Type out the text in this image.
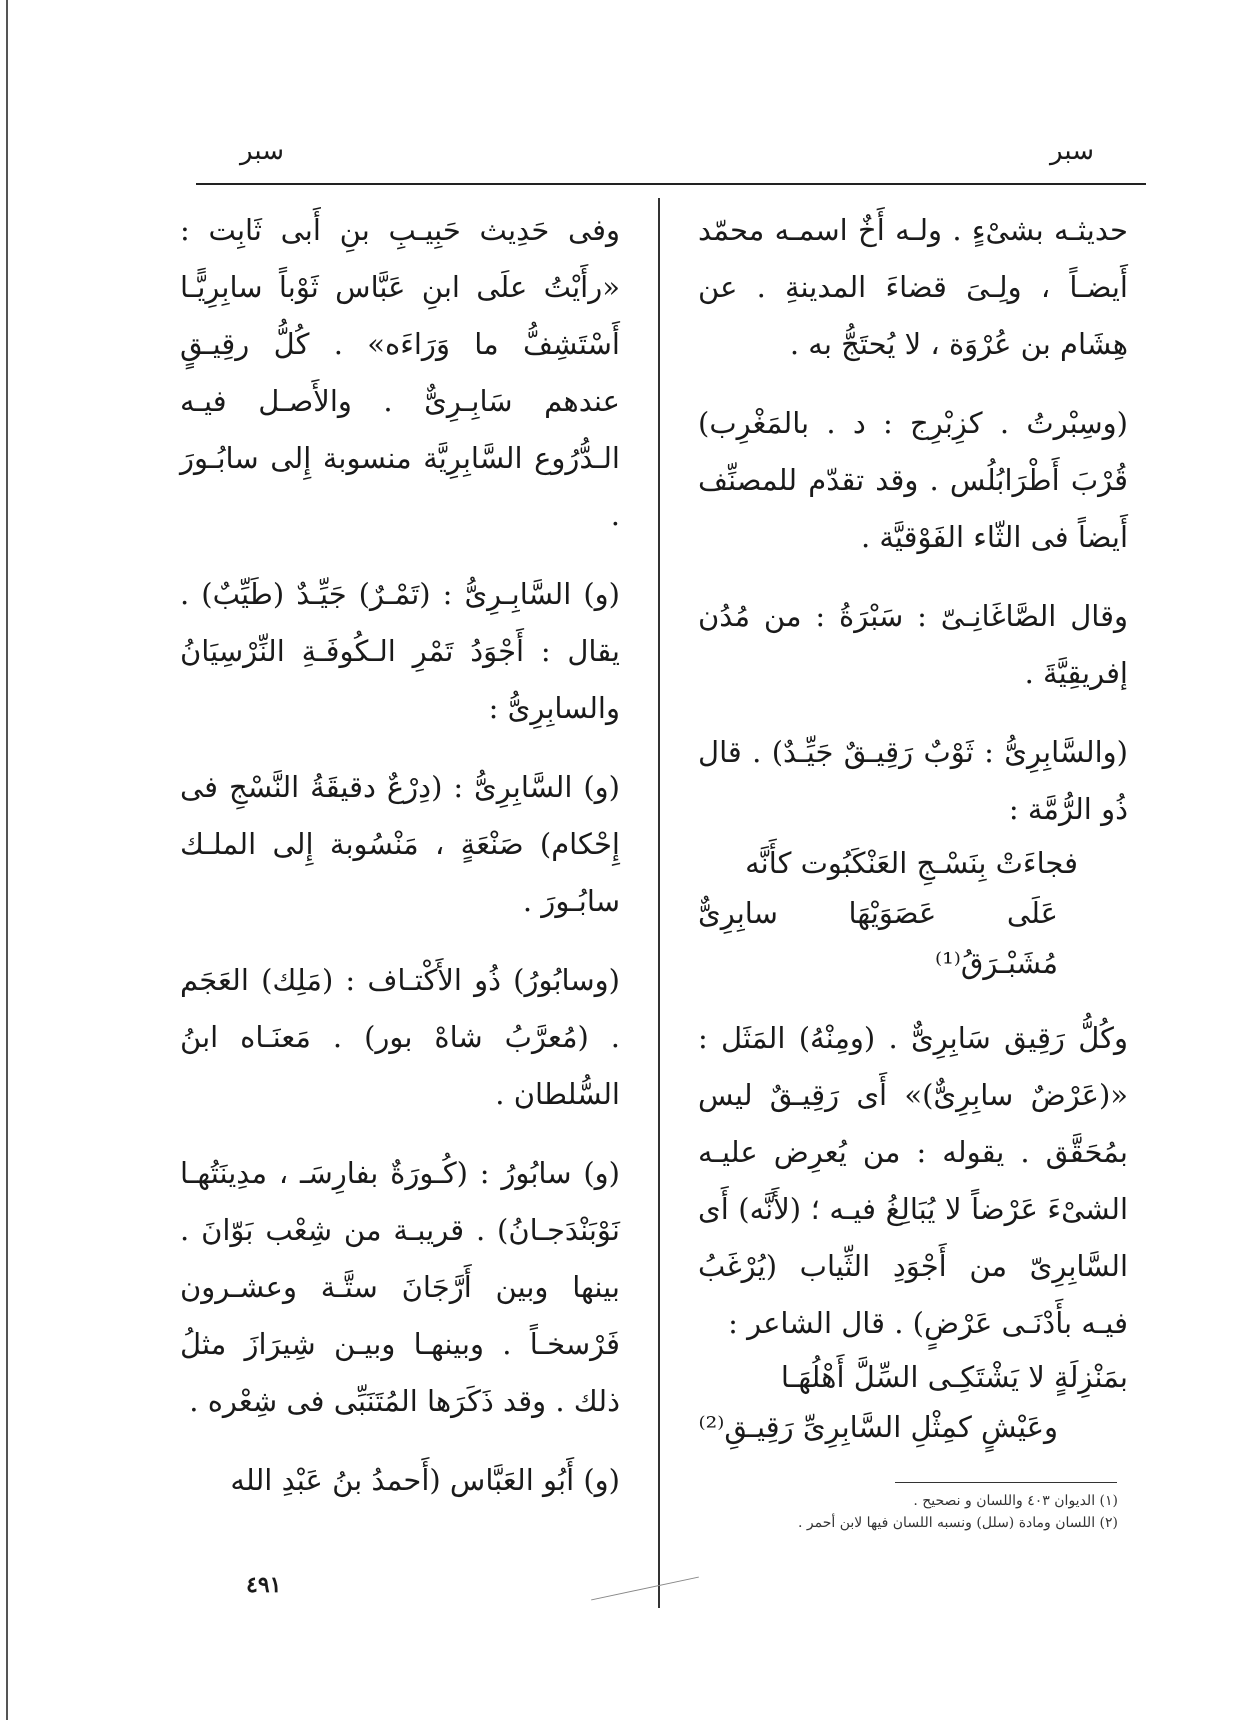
سبر	سبر

حديثـه بشىْءٍ . ولـه أَخٌ اسمـه محمّد أَيضـاً ، ولِـىَ قضاءَ المدينةِ . عن هِشَام بن عُرْوَة ، لا يُحتَجُّ به .

(وسِبْرتُ . كزِبْرِج : د . بالمَغْرِب) قُرْبَ أَطْرَابُلُس . وقد تقدّم للمصنِّف أَيضاً فى الثّاء الفَوْقيَّة .

وقال الصَّاغَانِـىّ : سَبْرَةُ : من مُدُن إفريقِيَّةَ .

(والسَّابِرِىُّ : ثَوْبٌ رَقِيـقٌ جَيِّـدٌ) . قال ذُو الرُّمَّة :

فجاءَتْ بِنَسْـجِ العَنْكَبُوت كأَنَّه

عَلَى عَصَوَيْهَا سابِرِىٌّ مُشَبْـرَقُ⁽¹⁾

وكُلُّ رَقِيق سَابِرِىٌّ . (ومِنْهُ) المَثَل : «(عَرْضٌ سابِرِىٌّ)» أَى رَقِيـقٌ ليس بمُحَقَّق . يقوله : من يُعرِض عليـه الشىْءَ عَرْضاً لا يُبَالِغُ فيـه ؛ (لأَنَّه) أَى السَّابِرِىّ من أَجْوَدِ الثِّياب (يُرْغَبُ فيـه بأَدْنَـى عَرْضٍ) . قال الشاعر :

بمَنْزِلَةٍ لا يَشْتَكِـى السِّلَّ أَهْلُهَـا

وعَيْشٍ كمِثْلِ السَّابِرِىِّ رَقِيـقِ⁽²⁾

وفى حَدِيث حَبِيـبِ بنِ أَبى ثَابِت : «رأَيْتُ علَى ابنِ عَبَّاس ثَوْباً سابِرِيًّـا أَسْتَشِفُّ ما وَرَاءَه» . كُلُّ رقِيـقٍ عندهم سَابِـرِىٌّ . والأَصـل فيـه الـدُّرُوع السَّابِرِيَّة منسوبة إِلى سابُـورَ .

(و) السَّابِـرِىُّ : (تَمْـرٌ) جَيِّـدٌ (طَيِّبٌ) . يقال : أَجْوَدُ تَمْرِ الـكُوفَـةِ النِّرْسِيَانُ والسابِرِىُّ :

(و) السَّابِرِىُّ : (دِرْعٌ دقيقَةُ النَّسْجِ فى إِحْكام) صَنْعَةٍ ، مَنْسُوبة إِلى الملـك سابُـورَ .

(وسابُورُ) ذُو الأَكْتـاف : (مَلِك) العَجَم . (مُعرَّبُ شاهْ بور) . مَعنَـاه ابنُ السُّلطان .

(و) سابُورُ : (كُـورَةٌ بفارِسَـ ، مدِينَتُهـا نَوْبَنْدَجـانُ) . قريبـة من شِعْب بَوّانَ . بينها وبين أَرَّجَانَ ستَّـة وعشـرون فَرْسخـاً . وبينهـا وبيـن شِيرَازَ مثلُ ذلك . وقد ذَكَرَها المُتَنَبِّى فى شِعْره .

(و) أَبُو العَبَّاس (أَحمدُ بنُ عَبْدِ الله

(١) الديوان ٤٠٣ واللسان و نصحيح .

(٢) اللسان ومادة (سلل) ونسبه اللسان فيها لابن أحمر .

٤٩١
